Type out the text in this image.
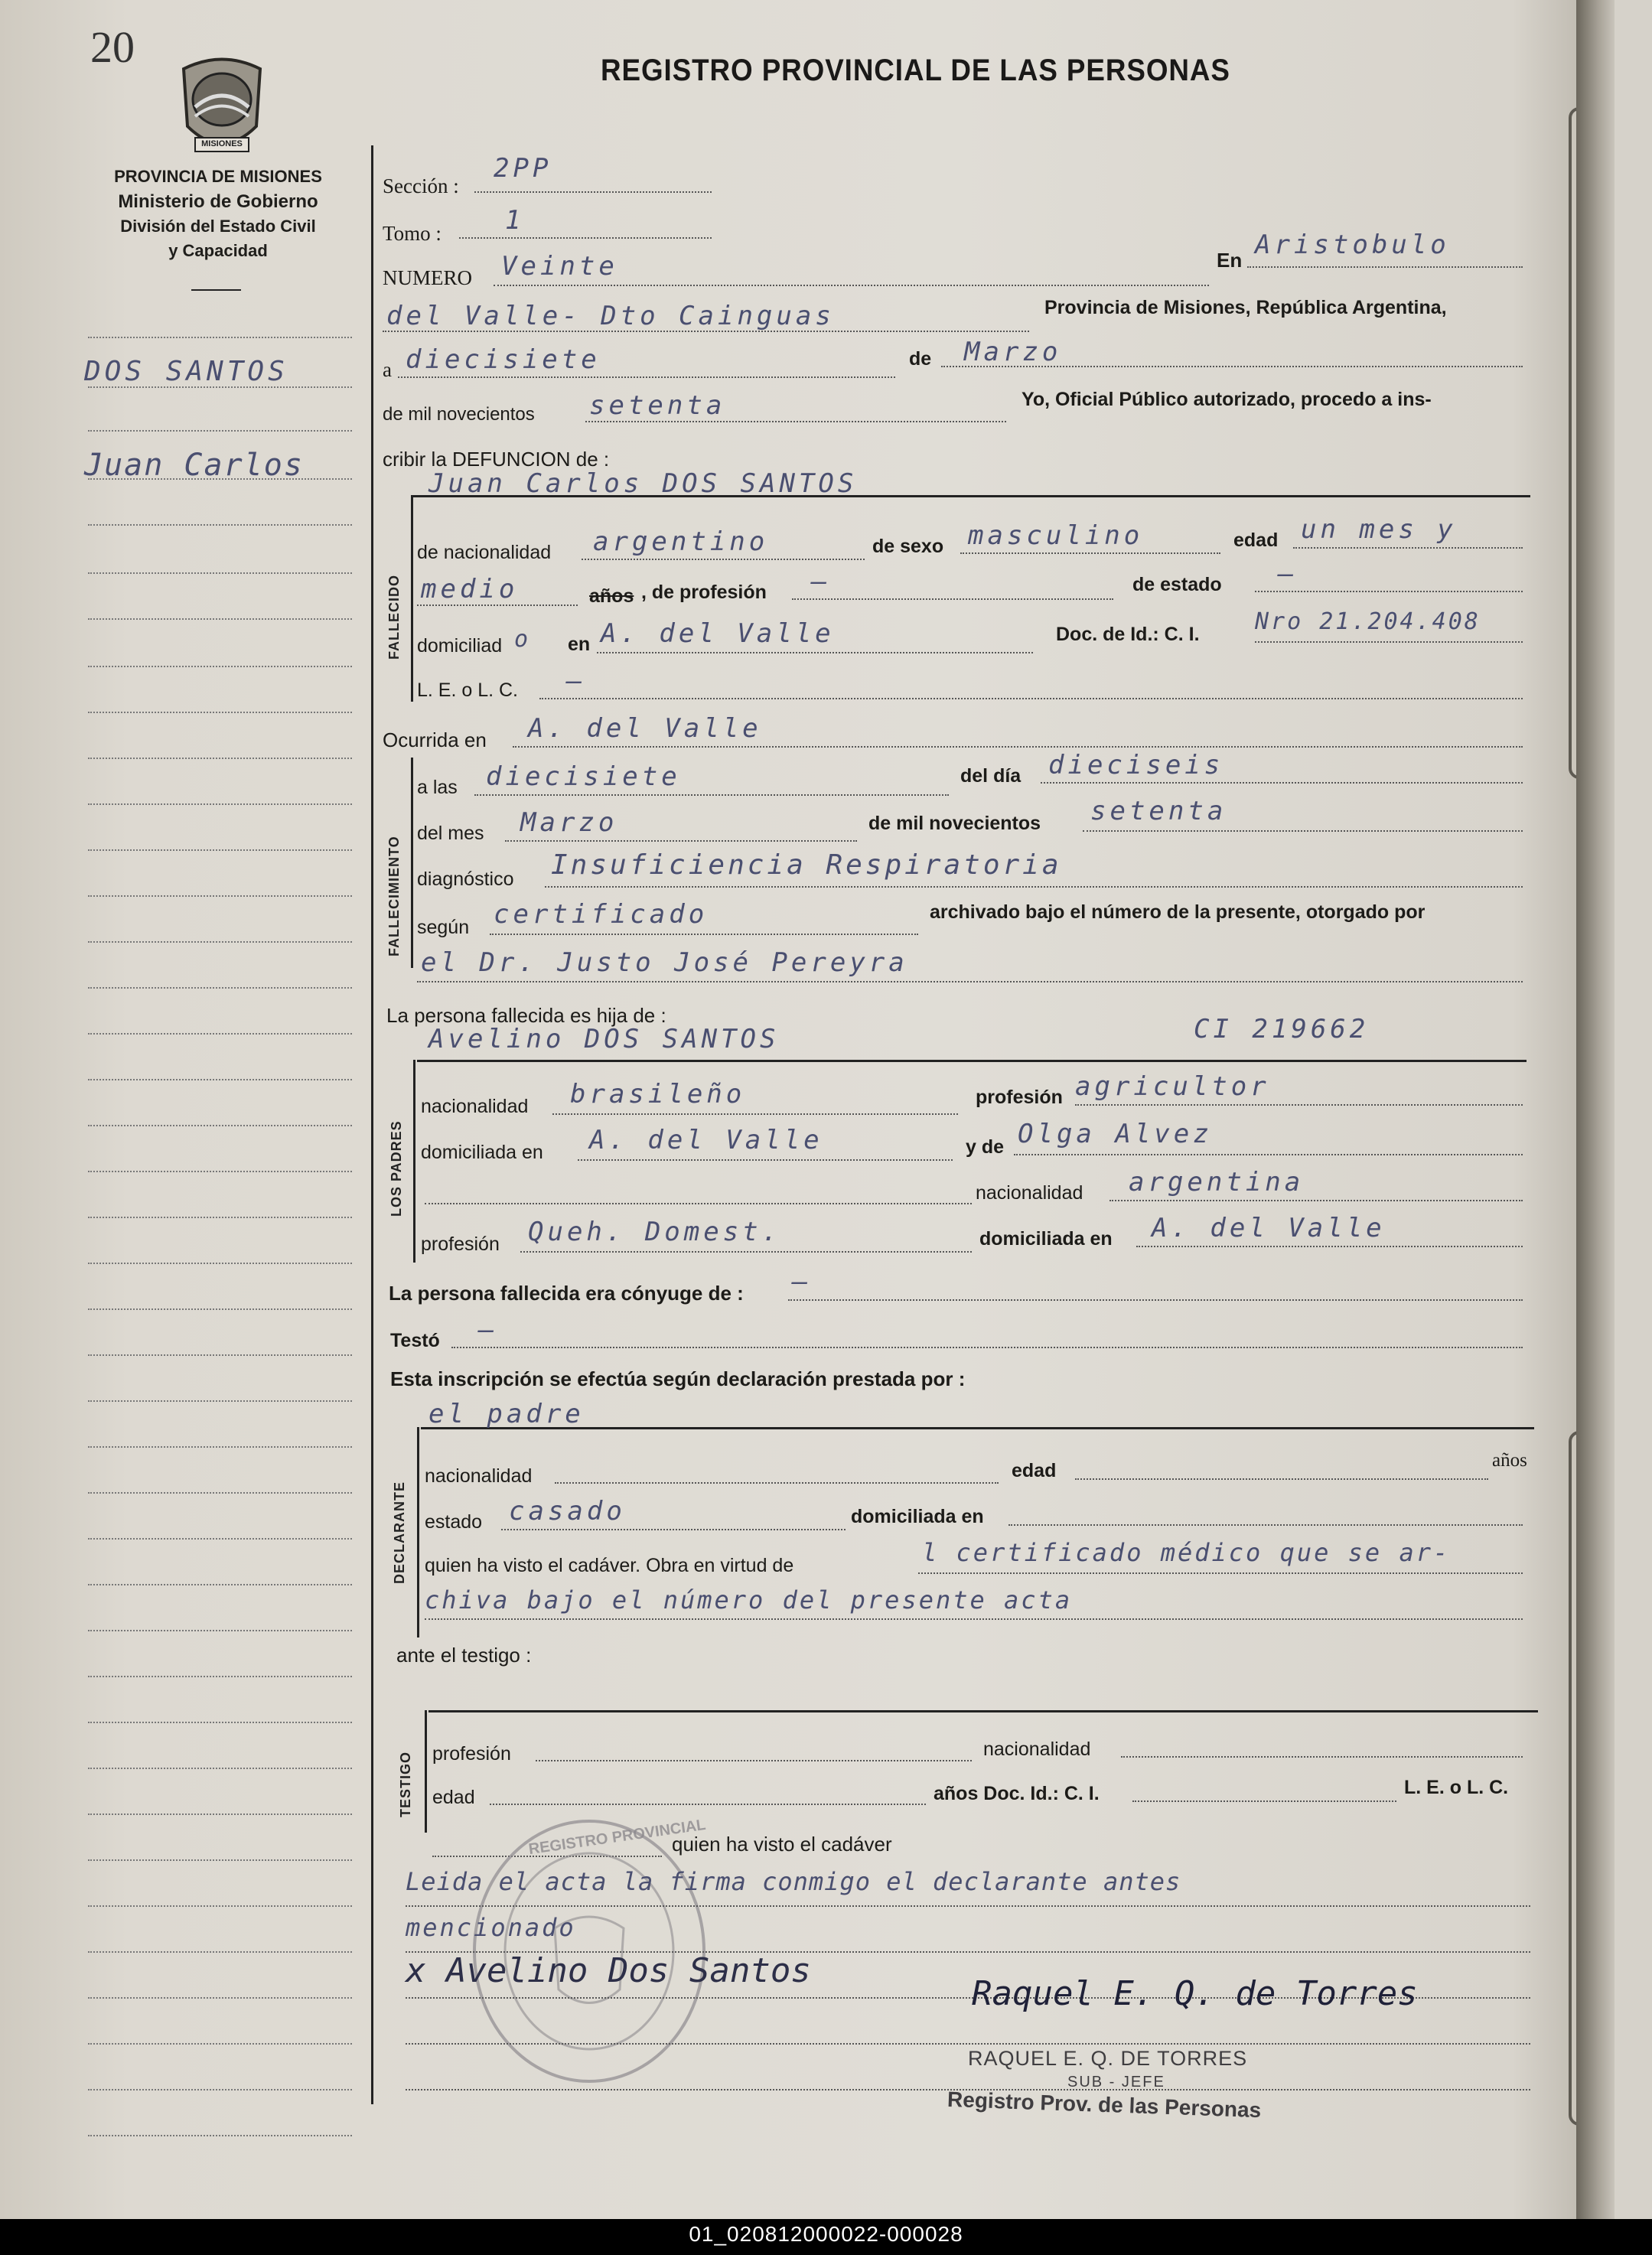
20
MISIONES
PROVINCIA DE MISIONES
Ministerio de Gobierno
División del Estado Civil
y Capacidad
REGISTRO PROVINCIAL DE LAS PERSONAS
DOS SANTOS
Juan Carlos
Sección :
2PP
Tomo : 1
NUMERO Veinte	En Aristobulo
del Valle- Dto Cainguas	Provincia de Misiones, República Argentina,
a diecisiete	de Marzo
de mil novecientos setenta	Yo, Oficial Público autorizado, procedo a ins-
cribir la DEFUNCION de :
FALLECIDO
Juan Carlos DOS SANTOS
de nacionalidad argentino	de sexo masculino	edad un mes y
medio	años , de profesión —	de estado —
domiciliad o en A. del Valle	Doc. de Id.: C. I. Nro 21.204.408
L. E. o L. C. —
Ocurrida en A. del Valle
FALLECIMIENTO
a las diecisiete	del día dieciseis
del mes Marzo	de mil novecientos setenta
diagnóstico Insuficiencia Respiratoria
según certificado	archivado bajo el número de la presente, otorgado por
el Dr. Justo José Pereyra
La persona fallecida es hija de :
Avelino DOS SANTOS	CI 219662
LOS PADRES
nacionalidad brasileño	profesión agricultor
domiciliada en A. del Valle	y de Olga Alvez
nacionalidad argentina
profesión Queh. Domest.	domiciliada en A. del Valle
La persona fallecida era cónyuge de : —
Testó —
Esta inscripción se efectúa según declaración prestada por :
el padre
DECLARANTE
nacionalidad	edad	años
estado casado	domiciliada en
quien ha visto el cadáver. Obra en virtud de	l certificado médico que se ar-
chiva bajo el número del presente acta
ante el testigo :
TESTIGO profesión	nacionalidad
edad	años Doc. Id.: C. I.	L. E. o L. C.
quien ha visto el cadáver
REGISTRO PROVINCIAL
Leida el acta la firma conmigo el declarante antes
mencionado
x Avelino Dos Santos
Raquel E. Q. de Torres
RAQUEL E. Q. DE TORRES
SUB - JEFE
Registro Prov. de las Personas
01_020812000022-000028
